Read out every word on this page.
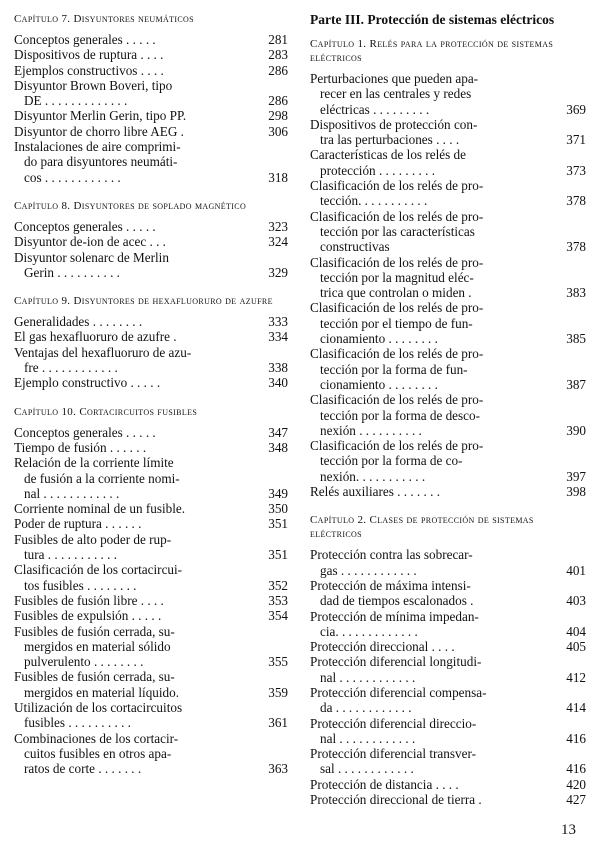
Capítulo 7. Disyuntores neumáticos
Conceptos generales . . . . .	281
Dispositivos de ruptura . . . .	283
Ejemplos constructivos . . . .	286
Disyuntor Brown Boveri, tipo
DE . . . . . . . . . . . . .	286
Disyuntor Merlin Gerin, tipo PP.	298
Disyuntor de chorro libre AEG .	306
Instalaciones de aire comprimi-
do para disyuntores neumáti-
cos . . . . . . . . . . . .	318
Capítulo 8. Disyuntores de soplado magnético
Conceptos generales . . . . .	323
Disyuntor de-ion de acec . . .	324
Disyuntor solenarc de Merlin
Gerin . . . . . . . . . .	329
Capítulo 9. Disyuntores de hexafluoruro de azufre
Generalidades . . . . . . . .	333
El gas hexafluoruro de azufre .	334
Ventajas del hexafluoruro de azu-
fre . . . . . . . . . . . .	338
Ejemplo constructivo . . . . .	340
Capítulo 10. Cortacircuitos fusibles
Conceptos generales . . . . .	347
Tiempo de fusión . . . . . .	348
Relación de la corriente límite
de fusión a la corriente nomi-
nal . . . . . . . . . . . .	349
Corriente nominal de un fusible.	350
Poder de ruptura . . . . . .	351
Fusibles de alto poder de rup-
tura . . . . . . . . . . .	351
Clasificación de los cortacircui-
tos fusibles . . . . . . . .	352
Fusibles de fusión libre . . . .	353
Fusibles de expulsión . . . . .	354
Fusibles de fusión cerrada, su-
mergidos en material sólido
pulverulento . . . . . . . .	355
Fusibles de fusión cerrada, su-
mergidos en material líquido.	359
Utilización de los cortacircuitos
fusibles . . . . . . . . . .	361
Combinaciones de los cortacir-
cuitos fusibles en otros apa-
ratos de corte . . . . . . .	363
Parte III. Protección de sistemas eléctricos
Capítulo 1. Relés para la protección de sistemas eléctricos
Perturbaciones que pueden apa-
recer en las centrales y redes
eléctricas . . . . . . . . .	369
Dispositivos de protección con-
tra las perturbaciones . . . .	371
Características de los relés de
protección . . . . . . . . .	373
Clasificación de los relés de pro-
tección. . . . . . . . . . .	378
Clasificación de los relés de pro-
tección por las características
constructivas	378
Clasificación de los relés de pro-
tección por la magnitud eléc-
trica que controlan o miden .	383
Clasificación de los relés de pro-
tección por el tiempo de fun-
cionamiento . . . . . . . .	385
Clasificación de los relés de pro-
tección por la forma de fun-
cionamiento . . . . . . . .	387
Clasificación de los relés de pro-
tección por la forma de desco-
nexión . . . . . . . . . .	390
Clasificación de los relés de pro-
tección por la forma de co-
nexión. . . . . . . . . . .	397
Relés auxiliares . . . . . . .	398
Capítulo 2. Clases de protección de sistemas eléctricos
Protección contra las sobrecar-
gas . . . . . . . . . . . .	401
Protección de máxima intensi-
dad de tiempos escalonados .	403
Protección de mínima impedan-
cia. . . . . . . . . . . . .	404
Protección direccional . . . .	405
Protección diferencial longitudi-
nal . . . . . . . . . . . .	412
Protección diferencial compensa-
da . . . . . . . . . . . .	414
Protección diferencial direccio-
nal . . . . . . . . . . . .	416
Protección diferencial transver-
sal . . . . . . . . . . . .	416
Protección de distancia . . . .	420
Protección direccional de tierra .	427
13
